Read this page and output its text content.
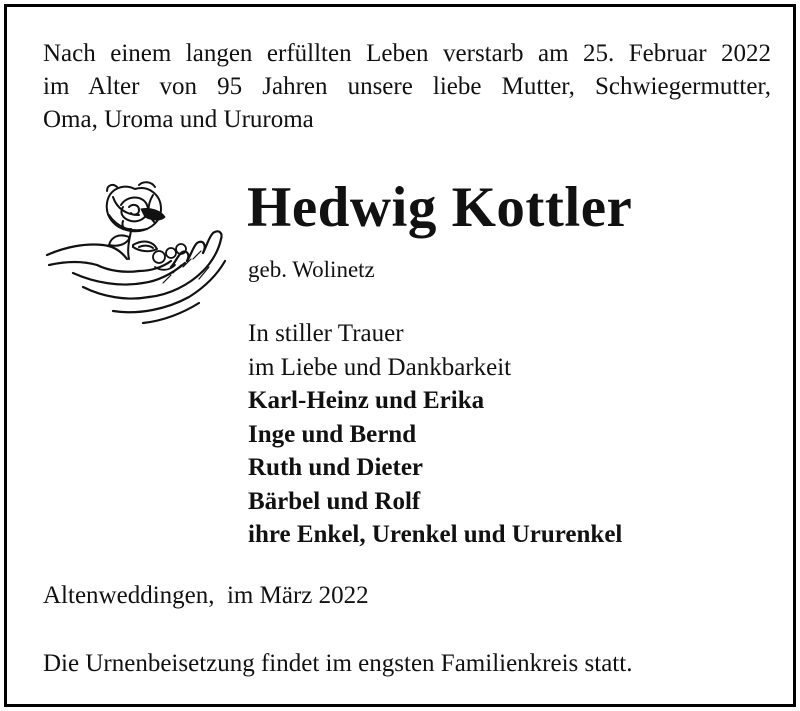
Nach einem langen erfüllten Leben verstarb am 25. Februar 2022
im Alter von 95 Jahren unsere liebe Mutter, Schwiegermutter,
Oma, Uroma und Ururoma
Hedwig Kottler
geb. Wolinetz
In stiller Trauer
im Liebe und Dankbarkeit
Karl-Heinz und Erika
Inge und Bernd
Ruth und Dieter
Bärbel und Rolf
ihre Enkel, Urenkel und Ururenkel
Altenweddingen,  im März 2022
Die Urnenbeisetzung findet im engsten Familienkreis statt.
